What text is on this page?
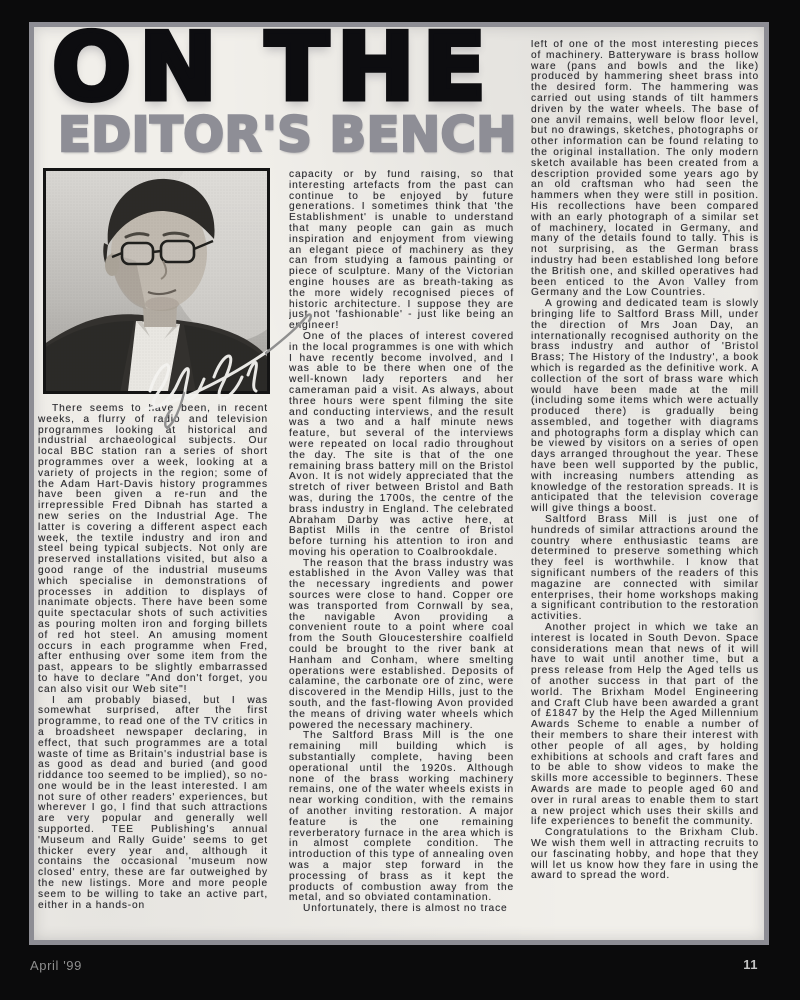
ON THE
EDITOR'S BENCH

There seems to have been, in recent weeks, a flurry of radio and television programmes looking at historical and industrial archaeological subjects. Our local BBC station ran a series of short programmes over a week, looking at a variety of projects in the region; some of the Adam Hart-Davis history programmes have been given a re-run and the irrepressible Fred Dibnah has started a new series on the Industrial Age. The latter is covering a different aspect each week, the textile industry and iron and steel being typical subjects. Not only are preserved installations visited, but also a good range of the industrial museums which specialise in demonstrations of processes in addition to displays of inanimate objects. There have been some quite spectacular shots of such activities as pouring molten iron and forging billets of red hot steel. An amusing moment occurs in each programme when Fred, after enthusing over some item from the past, appears to be slightly embarrassed to have to declare "And don't forget, you can also visit our Web site"!

I am probably biased, but I was somewhat surprised, after the first programme, to read one of the TV critics in a broadsheet newspaper declaring, in effect, that such programmes are a total waste of time as Britain's industrial base is as good as dead and buried (and good riddance too seemed to be implied), so no-one would be in the least interested. I am not sure of other readers' experiences, but wherever I go, I find that such attractions are very popular and generally well supported. TEE Publishing's annual 'Museum and Rally Guide' seems to get thicker every year and, although it contains the occasional 'museum now closed' entry, these are far outweighed by the new listings. More and more people seem to be willing to take an active part, either in a hands-on

capacity or by fund raising, so that interesting artefacts from the past can continue to be enjoyed by future generations. I sometimes think that 'the Establishment' is unable to understand that many people can gain as much inspiration and enjoyment from viewing an elegant piece of machinery as they can from studying a famous painting or piece of sculpture. Many of the Victorian engine houses are as breath-taking as the more widely recognised pieces of historic architecture. I suppose they are just not 'fashionable' - just like being an engineer!

One of the places of interest covered in the local programmes is one with which I have recently become involved, and I was able to be there when one of the well-known lady reporters and her cameraman paid a visit. As always, about three hours were spent filming the site and conducting interviews, and the result was a two and a half minute news feature, but several of the interviews were repeated on local radio throughout the day. The site is that of the one remaining brass battery mill on the Bristol Avon. It is not widely appreciated that the stretch of river between Bristol and Bath was, during the 1700s, the centre of the brass industry in England. The celebrated Abraham Darby was active here, at Baptist Mills in the centre of Bristol before turning his attention to iron and moving his operation to Coalbrookdale.

The reason that the brass industry was established in the Avon Valley was that the necessary ingredients and power sources were close to hand. Copper ore was transported from Cornwall by sea, the navigable Avon providing a convenient route to a point where coal from the South Gloucestershire coalfield could be brought to the river bank at Hanham and Conham, where smelting operations were established. Deposits of calamine, the carbonate ore of zinc, were discovered in the Mendip Hills, just to the south, and the fast-flowing Avon provided the means of driving water wheels which powered the necessary machinery.

The Saltford Brass Mill is the one remaining mill building which is substantially complete, having been operational until the 1920s. Although none of the brass working machinery remains, one of the water wheels exists in near working condition, with the remains of another inviting restoration. A major feature is the one remaining reverberatory furnace in the area which is in almost complete condition. The introduction of this type of annealing oven was a major step forward in the processing of brass as it kept the products of combustion away from the metal, and so obviated contamination.

Unfortunately, there is almost no trace

left of one of the most interesting pieces of machinery. Batteryware is brass hollow ware (pans and bowls and the like) produced by hammering sheet brass into the desired form. The hammering was carried out using stands of tilt hammers driven by the water wheels. The base of one anvil remains, well below floor level, but no drawings, sketches, photographs or other information can be found relating to the original installation. The only modern sketch available has been created from a description provided some years ago by an old craftsman who had seen the hammers when they were still in position. His recollections have been compared with an early photograph of a similar set of machinery, located in Germany, and many of the details found to tally. This is not surprising, as the German brass industry had been established long before the British one, and skilled operatives had been enticed to the Avon Valley from Germany and the Low Countries.

A growing and dedicated team is slowly bringing life to Saltford Brass Mill, under the direction of Mrs Joan Day, an internationally recognised authority on the brass industry and author of 'Bristol Brass; The History of the Industry', a book which is regarded as the definitive work. A collection of the sort of brass ware which would have been made at the mill (including some items which were actually produced there) is gradually being assembled, and together with diagrams and photographs form a display which can be viewed by visitors on a series of open days arranged throughout the year. These have been well supported by the public, with increasing numbers attending as knowledge of the restoration spreads. It is anticipated that the television coverage will give things a boost.

Saltford Brass Mill is just one of hundreds of similar attractions around the country where enthusiastic teams are determined to preserve something which they feel is worthwhile. I know that significant numbers of the readers of this magazine are connected with similar enterprises, their home workshops making a significant contribution to the restoration activities.

Another project in which we take an interest is located in South Devon. Space considerations mean that news of it will have to wait until another time, but a press release from Help the Aged tells us of another success in that part of the world. The Brixham Model Engineering and Craft Club have been awarded a grant of £1847 by the Help the Aged Millennium Awards Scheme to enable a number of their members to share their interest with other people of all ages, by holding exhibitions at schools and craft fares and to be able to show videos to make the skills more accessible to beginners. These Awards are made to people aged 60 and over in rural areas to enable them to start a new project which uses their skills and life experiences to benefit the community.

Congratulations to the Brixham Club. We wish them well in attracting recruits to our fascinating hobby, and hope that they will let us know how they fare in using the award to spread the word.

April '99	11
